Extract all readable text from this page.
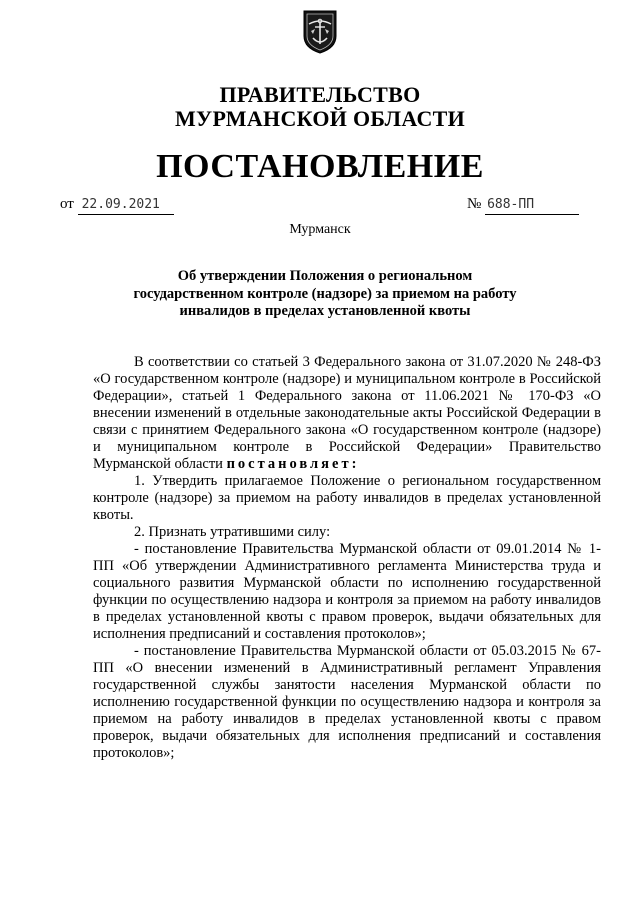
ПРАВИТЕЛЬСТВО
МУРМАНСКОЙ ОБЛАСТИ
ПОСТАНОВЛЕНИЕ
от 22.09.2021	№ 688-ПП
Мурманск
Об утверждении Положения о региональном государственном контроле (надзоре) за приемом на работу инвалидов в пределах установленной квоты

В соответствии со статьей 3 Федерального закона от 31.07.2020 № 248-ФЗ «О государственном контроле (надзоре) и муниципальном контроле в Российской Федерации», статьей 1 Федерального закона от 11.06.2021 № 170-ФЗ «О внесении изменений в отдельные законодательные акты Российской Федерации в связи с принятием Федерального закона «О государственном контроле (надзоре) и муниципальном контроле в Российской Федерации» Правительство Мурманской области постановляет:

1. Утвердить прилагаемое Положение о региональном государственном контроле (надзоре) за приемом на работу инвалидов в пределах установленной квоты.

2. Признать утратившими силу:

- постановление Правительства Мурманской области от 09.01.2014 № 1-ПП «Об утверждении Административного регламента Министерства труда и социального развития Мурманской области по исполнению государственной функции по осуществлению надзора и контроля за приемом на работу инвалидов в пределах установленной квоты с правом проверок, выдачи обязательных для исполнения предписаний и составления протоколов»;

- постановление Правительства Мурманской области от 05.03.2015 № 67-ПП «О внесении изменений в Административный регламент Управления государственной службы занятости населения Мурманской области по исполнению государственной функции по осуществлению надзора и контроля за приемом на работу инвалидов в пределах установленной квоты с правом проверок, выдачи обязательных для исполнения предписаний и составления протоколов»;
